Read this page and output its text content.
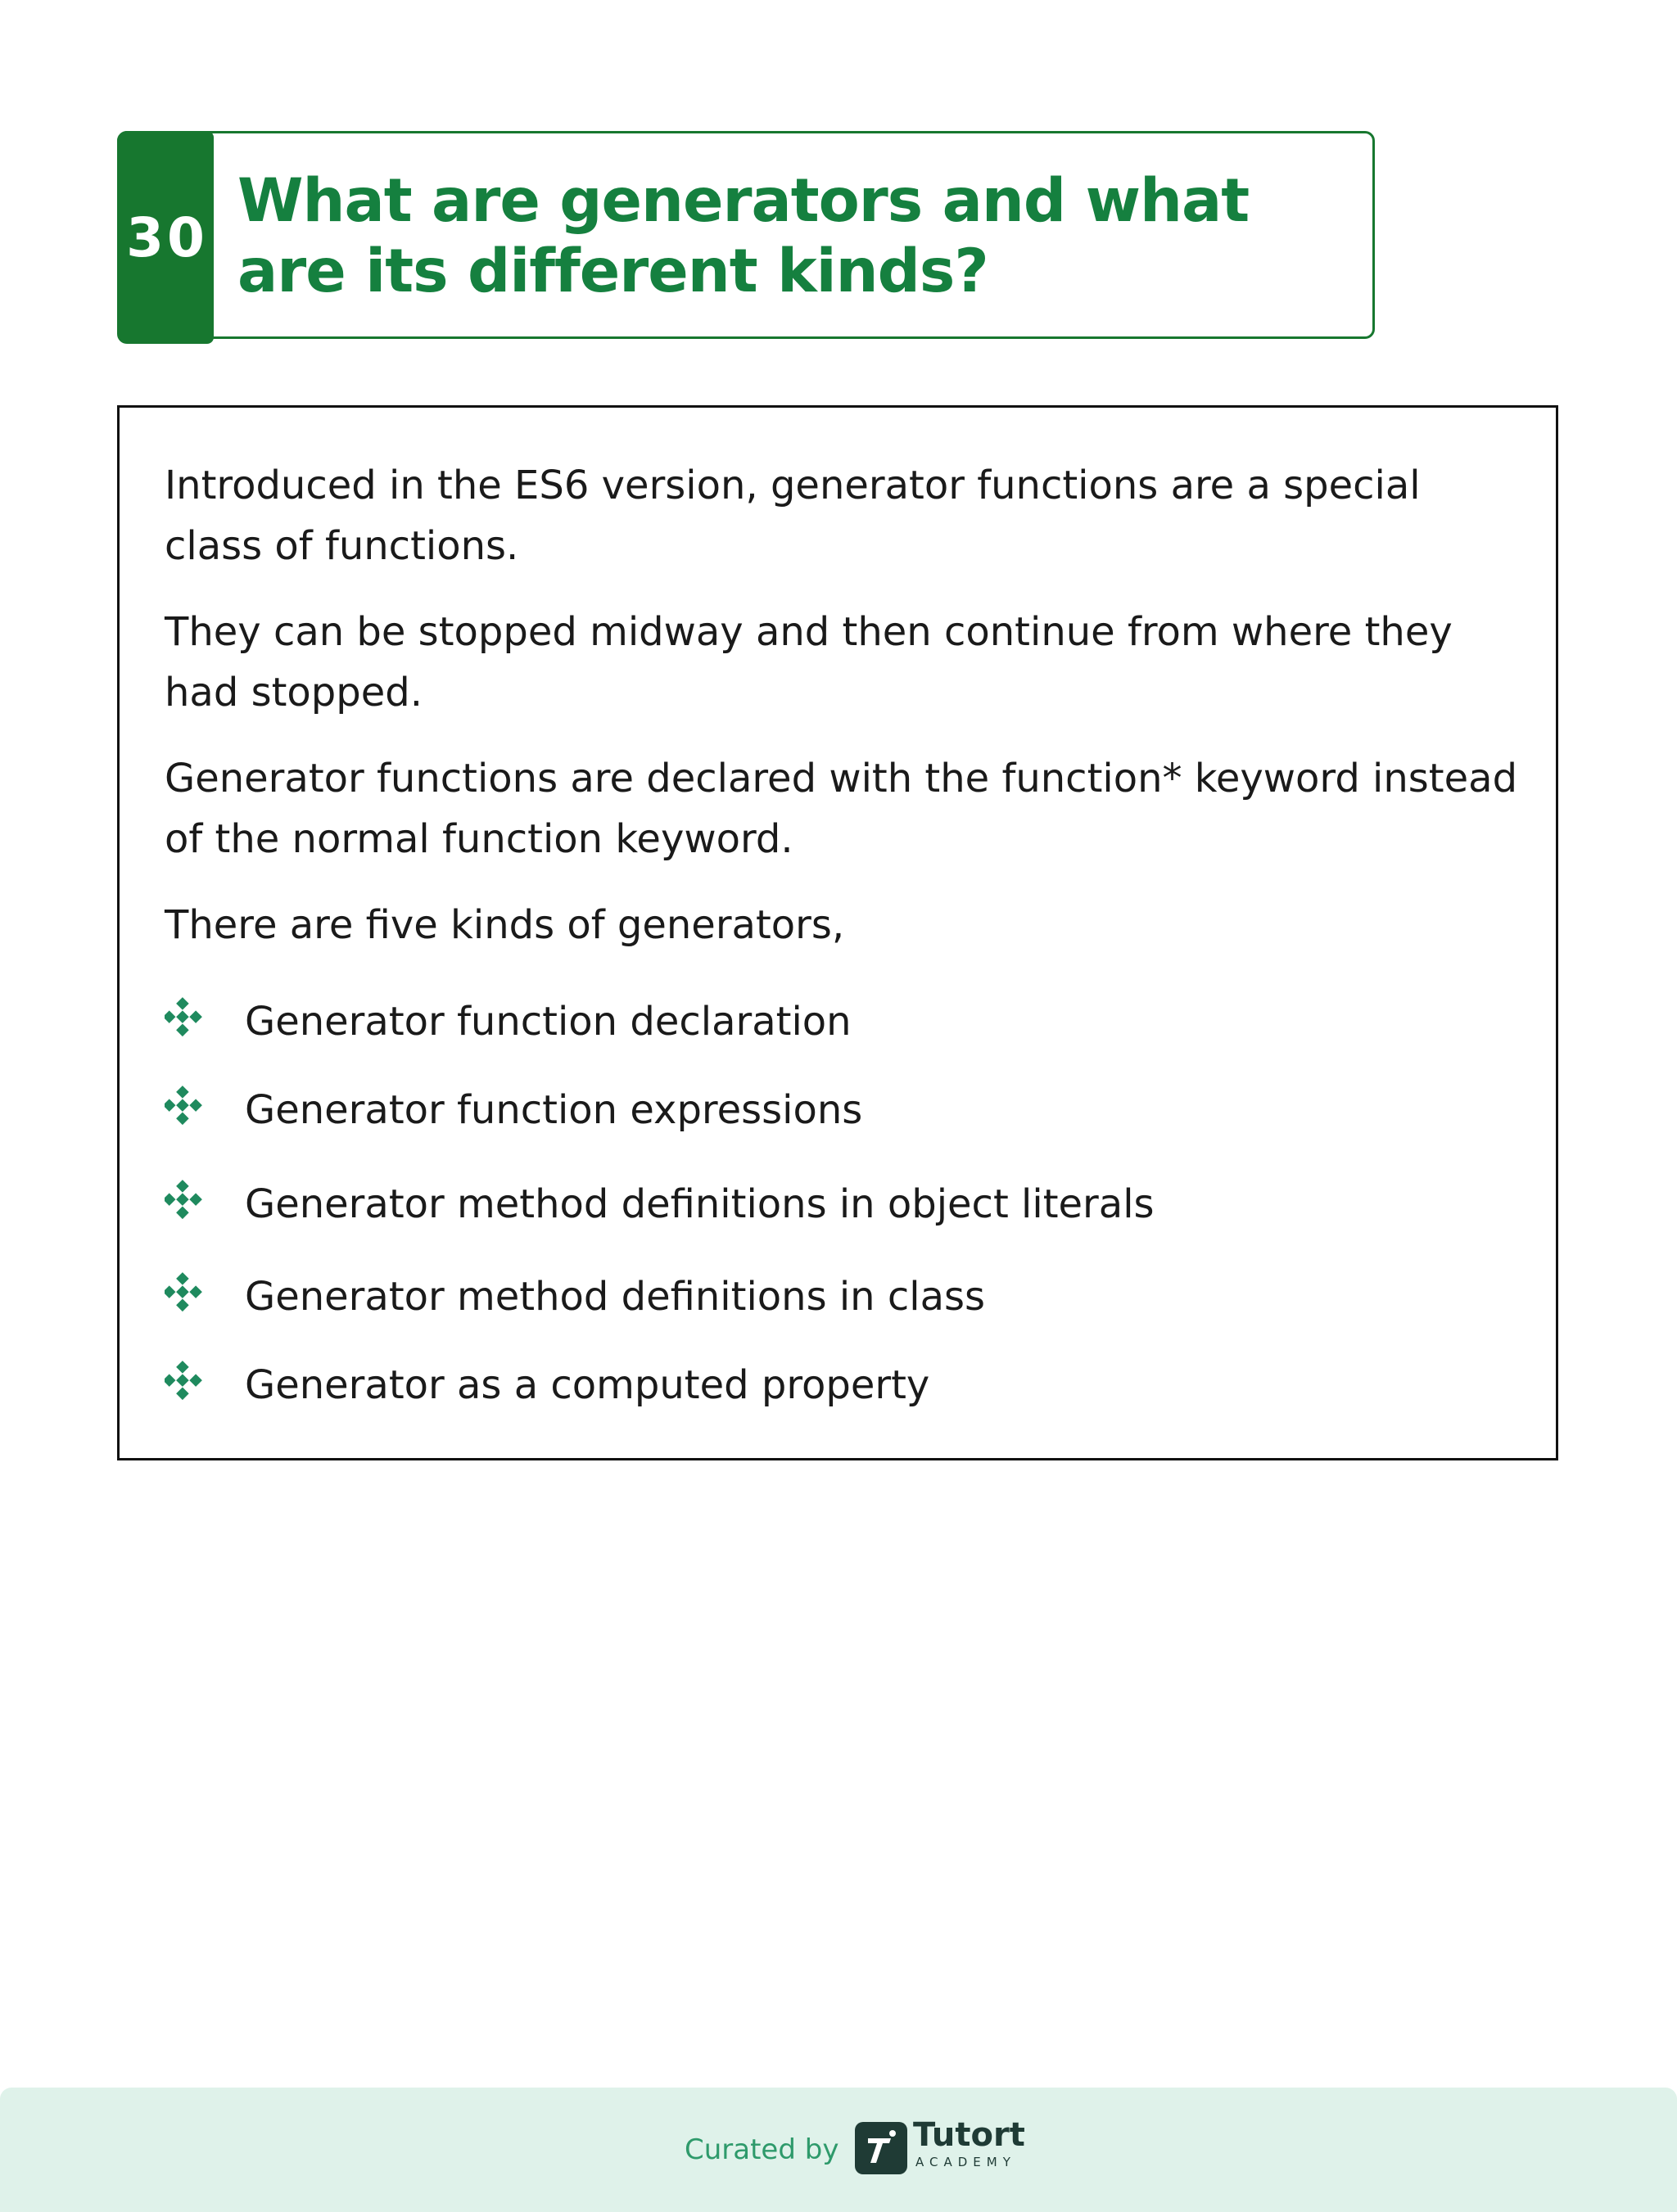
30
What are generators and what are its different kinds?

Introduced in the ES6 version, generator functions are a special class of functions.

They can be stopped midway and then continue from where they had stopped.

Generator functions are declared with the function* keyword instead of the normal function keyword.

There are five kinds of generators,

Generator function declaration
Generator function expressions
Generator method definitions in object literals
Generator method definitions in class
Generator as a computed property
Curated by Tutort
ACADEMY
